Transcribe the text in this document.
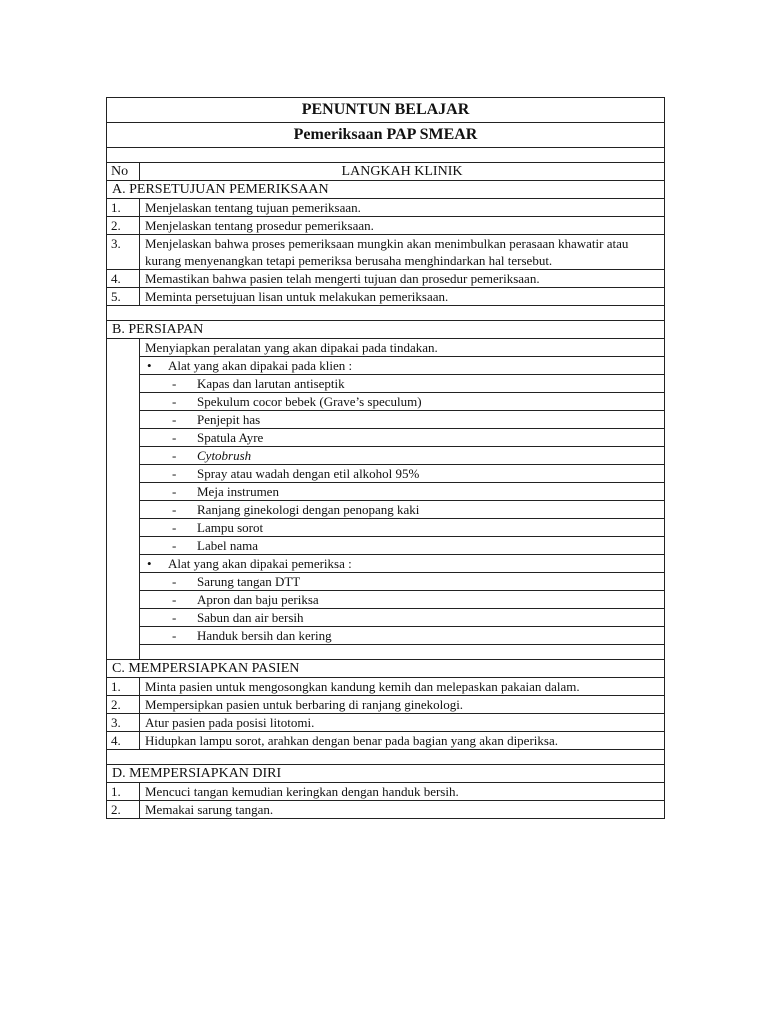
PENUNTUN BELAJAR	
Pemeriksaan PAP SMEAR	

No	LANGKAH KLINIK
A. PERSETUJUAN PEMERIKSAAN	
1.	Menjelaskan tentang tujuan pemeriksaan.
2.	Menjelaskan tentang prosedur pemeriksaan.
3.	Menjelaskan bahwa proses pemeriksaan mungkin akan menimbulkan perasaan khawatir atau kurang menyenangkan tetapi pemeriksa berusaha menghindarkan hal tersebut.
4.	Memastikan bahwa pasien telah mengerti tujuan dan prosedur pemeriksaan.
5.	Meminta persetujuan lisan untuk melakukan pemeriksaan.

B. PERSIAPAN	
	Menyiapkan peralatan yang akan dipakai pada tindakan.
	• Alat yang akan dipakai pada klien :
	- Kapas dan larutan antiseptik
	- Spekulum cocor bebek (Grave’s speculum)
	- Penjepit has
	- Spatula Ayre
	- Cytobrush
	- Spray atau wadah dengan etil alkohol 95%
	- Meja instrumen
	- Ranjang ginekologi dengan penopang kaki
	- Lampu sorot
	- Label nama
	• Alat yang akan dipakai pemeriksa :
	- Sarung tangan DTT
	- Apron dan baju periksa
	- Sabun dan air bersih
	- Handuk bersih dan kering

C. MEMPERSIAPKAN PASIEN	
1.	Minta pasien untuk mengosongkan kandung kemih dan melepaskan pakaian dalam.
2.	Mempersipkan pasien untuk berbaring di ranjang ginekologi.
3.	Atur pasien pada posisi litotomi.
4.	Hidupkan lampu sorot, arahkan dengan benar pada bagian yang akan diperiksa.

D. MEMPERSIAPKAN DIRI	
1.	Mencuci tangan kemudian keringkan dengan handuk bersih.
2.	Memakai sarung tangan.
